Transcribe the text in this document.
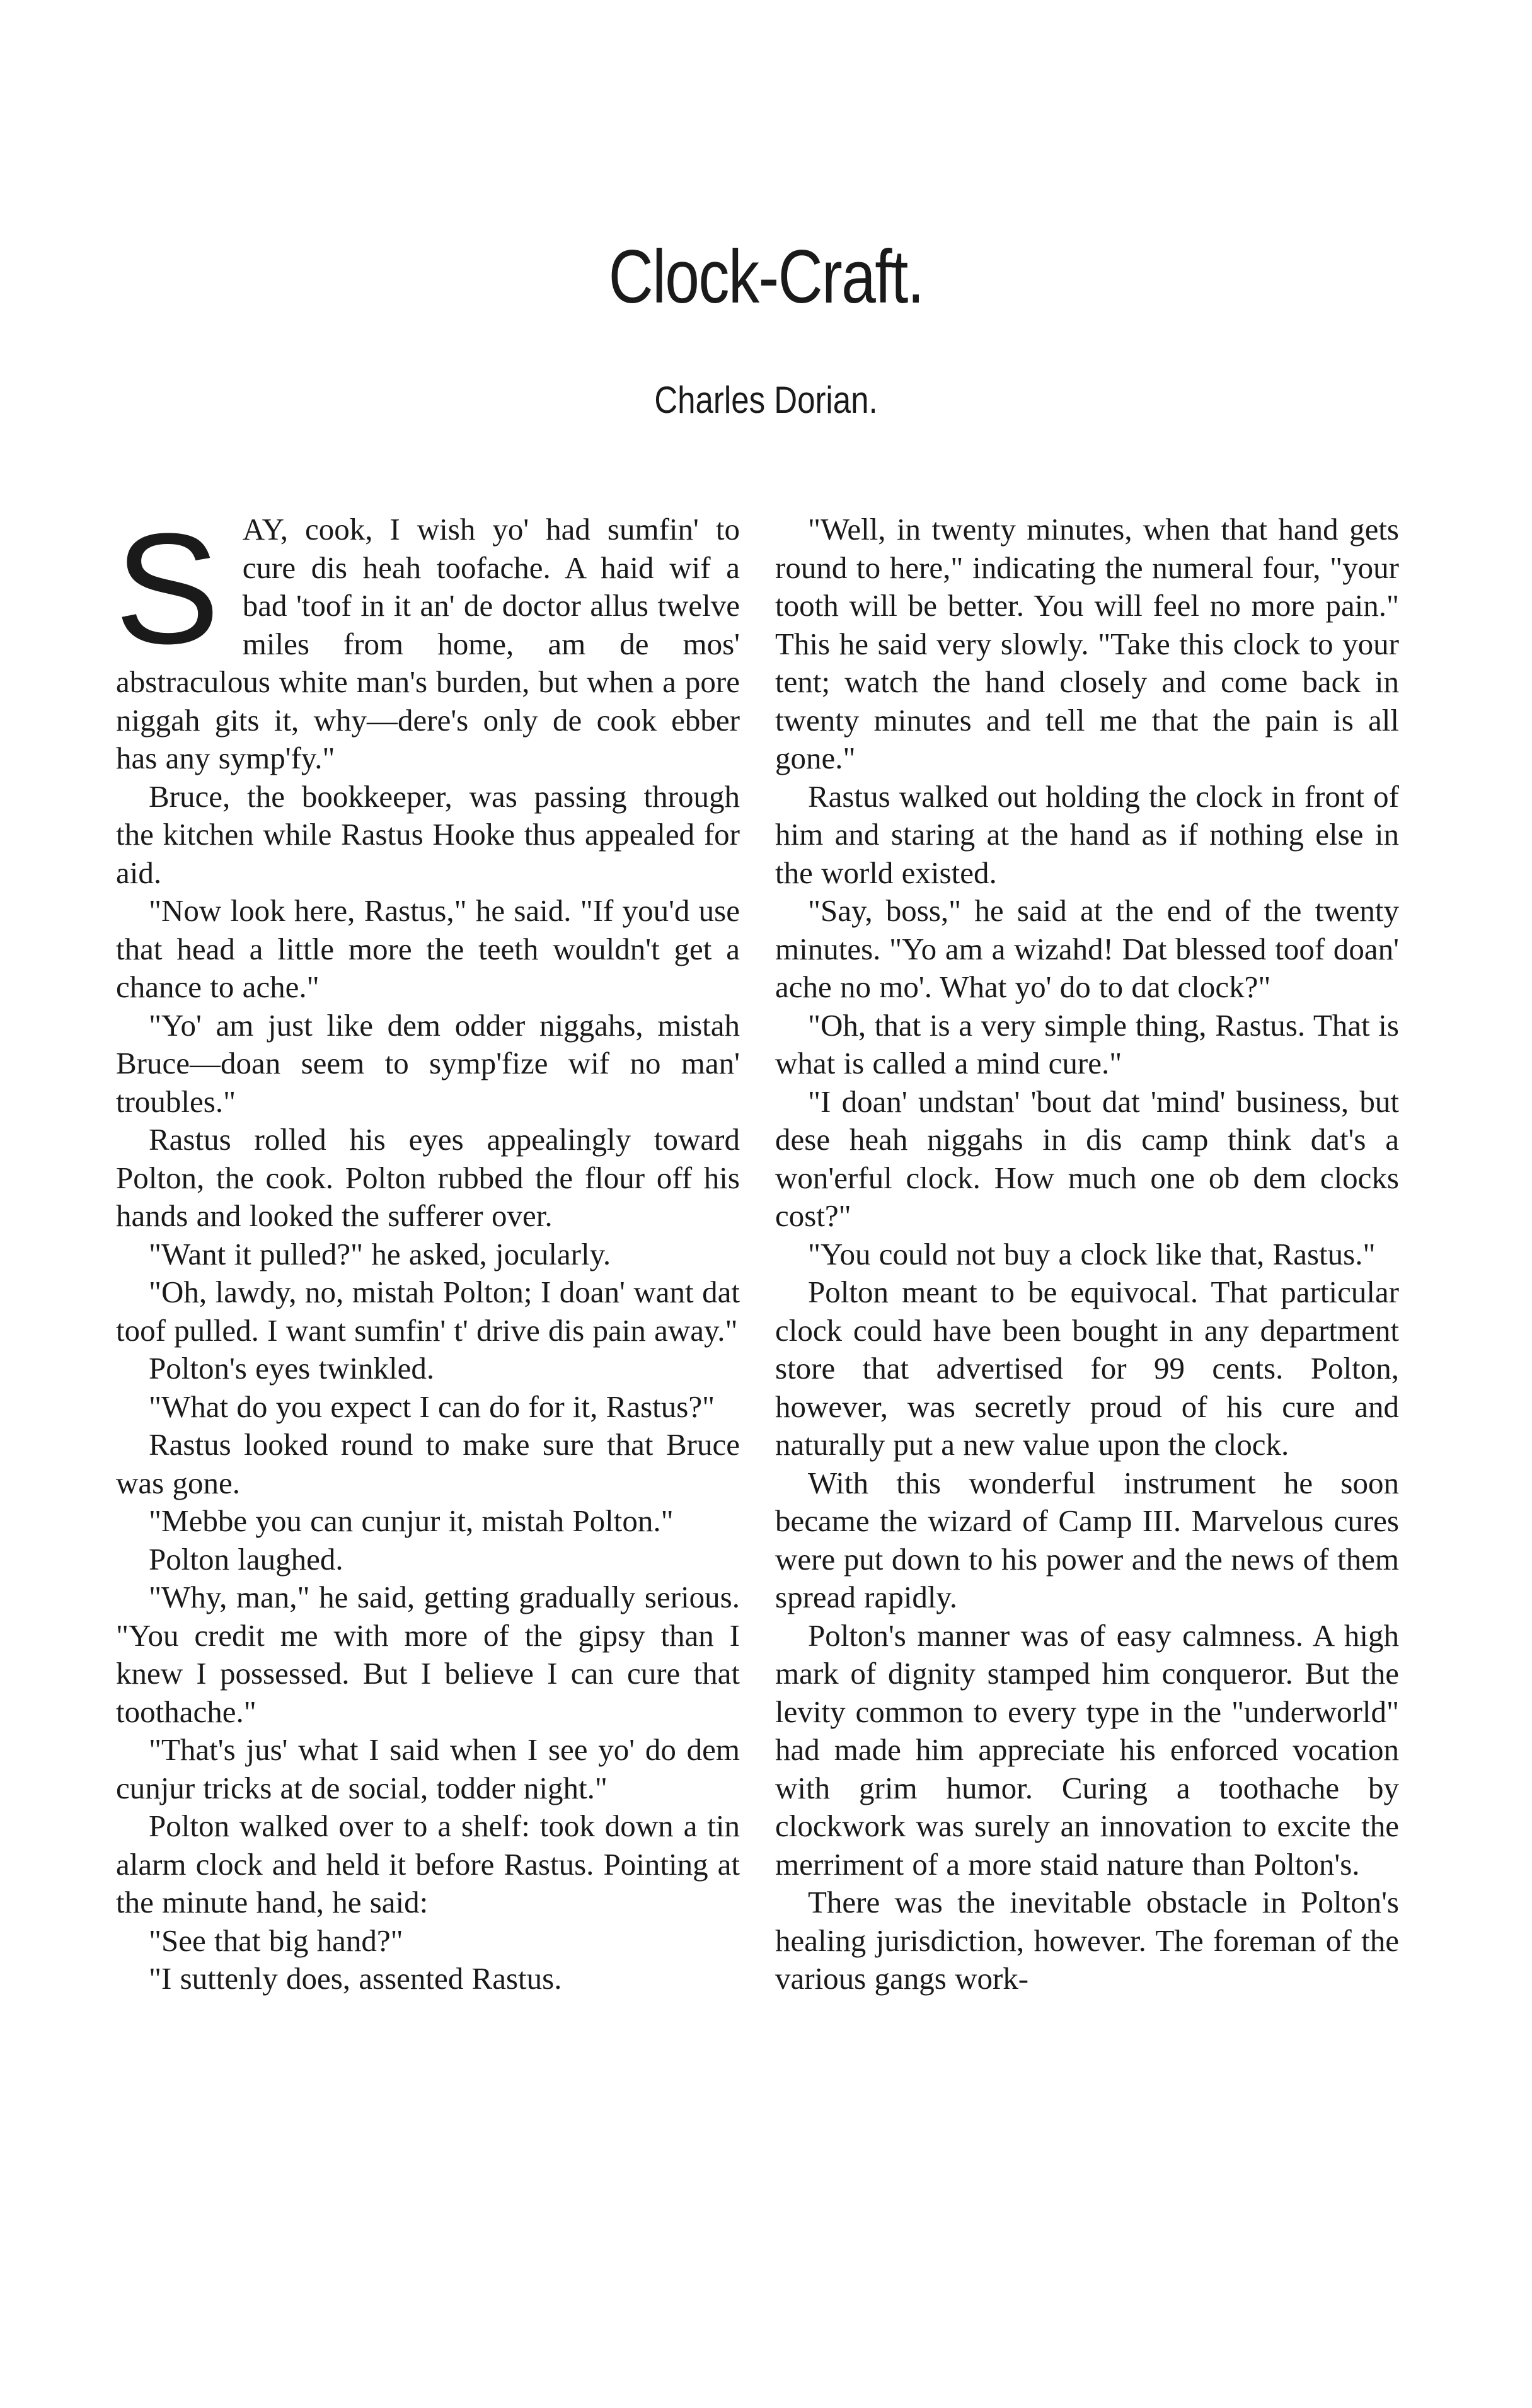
Clock-Craft.
Charles Dorian.

SAY, cook, I wish yo' had sumfin' to cure dis heah toofache. A haid wif a bad 'toof in it an' de doctor allus twelve miles from home, am de mos' abstraculous white man's burden, but when a pore niggah gits it, why—dere's only de cook ebber has any symp'fy."

Bruce, the bookkeeper, was passing through the kitchen while Rastus Hooke thus appealed for aid.

"Now look here, Rastus," he said. "If you'd use that head a little more the teeth wouldn't get a chance to ache."

"Yo' am just like dem odder niggahs, mistah Bruce—doan seem to symp'fize wif no man' troubles."

Rastus rolled his eyes appealingly toward Polton, the cook. Polton rubbed the flour off his hands and looked the sufferer over.

"Want it pulled?" he asked, jocularly.

"Oh, lawdy, no, mistah Polton; I doan' want dat toof pulled. I want sumfin' t' drive dis pain away."

Polton's eyes twinkled.

"What do you expect I can do for it, Rastus?"

Rastus looked round to make sure that Bruce was gone.

"Mebbe you can cunjur it, mistah Polton."

Polton laughed.

"Why, man," he said, getting gradually serious. "You credit me with more of the gipsy than I knew I possessed. But I believe I can cure that toothache."

"That's jus' what I said when I see yo' do dem cunjur tricks at de social, todder night."

Polton walked over to a shelf: took down a tin alarm clock and held it before Rastus. Pointing at the minute hand, he said:

"See that big hand?"

"I suttenly does, assented Rastus.

"Well, in twenty minutes, when that hand gets round to here," indicating the numeral four, "your tooth will be better. You will feel no more pain." This he said very slowly. "Take this clock to your tent; watch the hand closely and come back in twenty minutes and tell me that the pain is all gone."

Rastus walked out holding the clock in front of him and staring at the hand as if nothing else in the world existed.

"Say, boss," he said at the end of the twenty minutes. "Yo am a wizahd! Dat blessed toof doan' ache no mo'. What yo' do to dat clock?"

"Oh, that is a very simple thing, Rastus. That is what is called a mind cure."

"I doan' undstan' 'bout dat 'mind' business, but dese heah niggahs in dis camp think dat's a won'erful clock. How much one ob dem clocks cost?"

"You could not buy a clock like that, Rastus."

Polton meant to be equivocal. That particular clock could have been bought in any department store that advertised for 99 cents. Polton, however, was secretly proud of his cure and naturally put a new value upon the clock.

With this wonderful instrument he soon became the wizard of Camp III. Marvelous cures were put down to his power and the news of them spread rapidly.

Polton's manner was of easy calmness. A high mark of dignity stamped him conqueror. But the levity common to every type in the "underworld" had made him appreciate his enforced vocation with grim humor. Curing a toothache by clockwork was surely an innovation to excite the merriment of a more staid nature than Polton's.

There was the inevitable obstacle in Polton's healing jurisdiction, however. The foreman of the various gangs work-
